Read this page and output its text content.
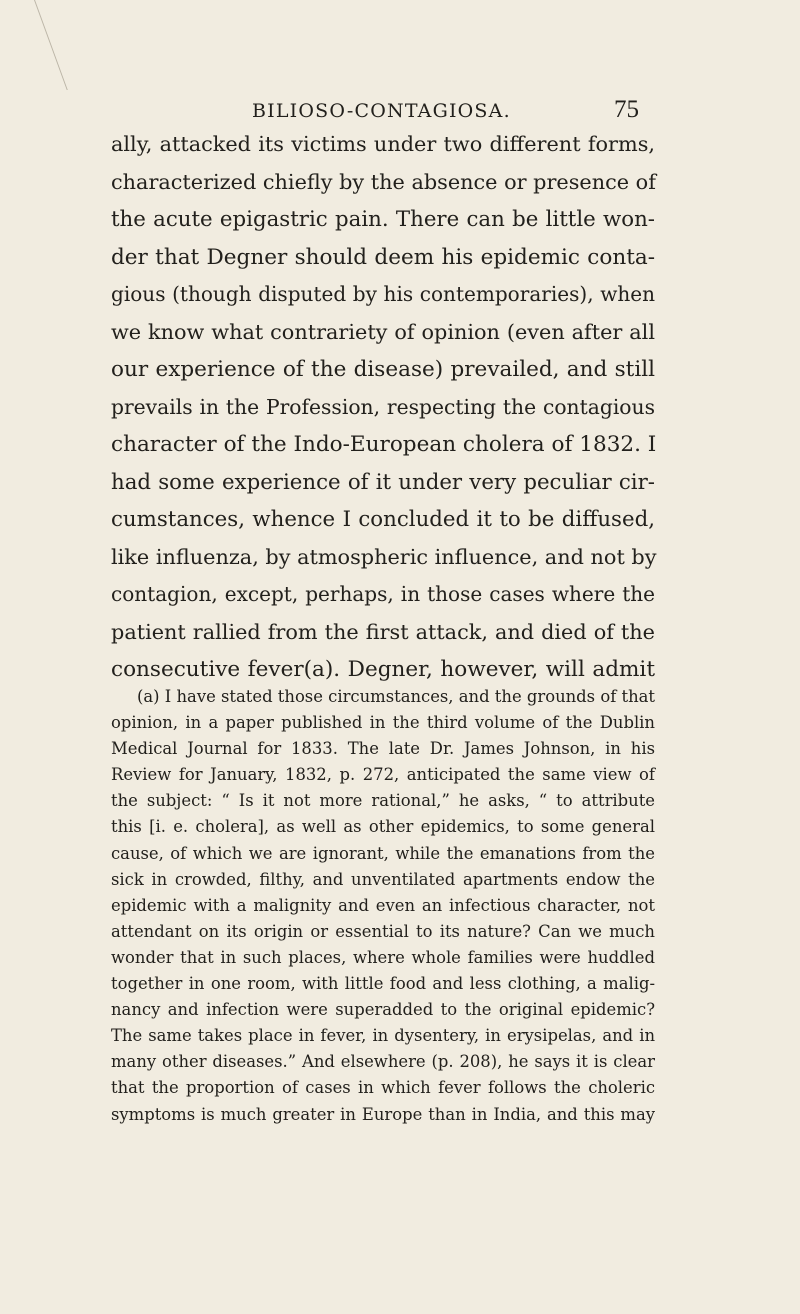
BILIOSO-CONTAGIOSA.	75
ally, attacked its victims under two different forms,
characterized chiefly by the absence or presence of
the acute epigastric pain. There can be little won-
der that Degner should deem his epidemic conta-
gious (though disputed by his contemporaries), when
we know what contrariety of opinion (even after all
our experience of the disease) prevailed, and still
prevails in the Profession, respecting the contagious
character of the Indo-European cholera of 1832. I
had some experience of it under very peculiar cir-
cumstances, whence I concluded it to be diffused,
like influenza, by atmospheric influence, and not by
contagion, except, perhaps, in those cases where the
patient rallied from the first attack, and died of the
consecutive fever(a). Degner, however, will admit
(a) I have stated those circumstances, and the grounds of that
opinion, in a paper published in the third volume of the Dublin
Medical Journal for 1833. The late Dr. James Johnson, in his
Review for January, 1832, p. 272, anticipated the same view of
the subject: “ Is it not more rational,” he asks, “ to attribute
this [i. e. cholera], as well as other epidemics, to some general
cause, of which we are ignorant, while the emanations from the
sick in crowded, filthy, and unventilated apartments endow the
epidemic with a malignity and even an infectious character, not
attendant on its origin or essential to its nature? Can we much
wonder that in such places, where whole families were huddled
together in one room, with little food and less clothing, a malig-
nancy and infection were superadded to the original epidemic?
The same takes place in fever, in dysentery, in erysipelas, and in
many other diseases.” And elsewhere (p. 208), he says it is clear
that the proportion of cases in which fever follows the choleric
symptoms is much greater in Europe than in India, and this may
